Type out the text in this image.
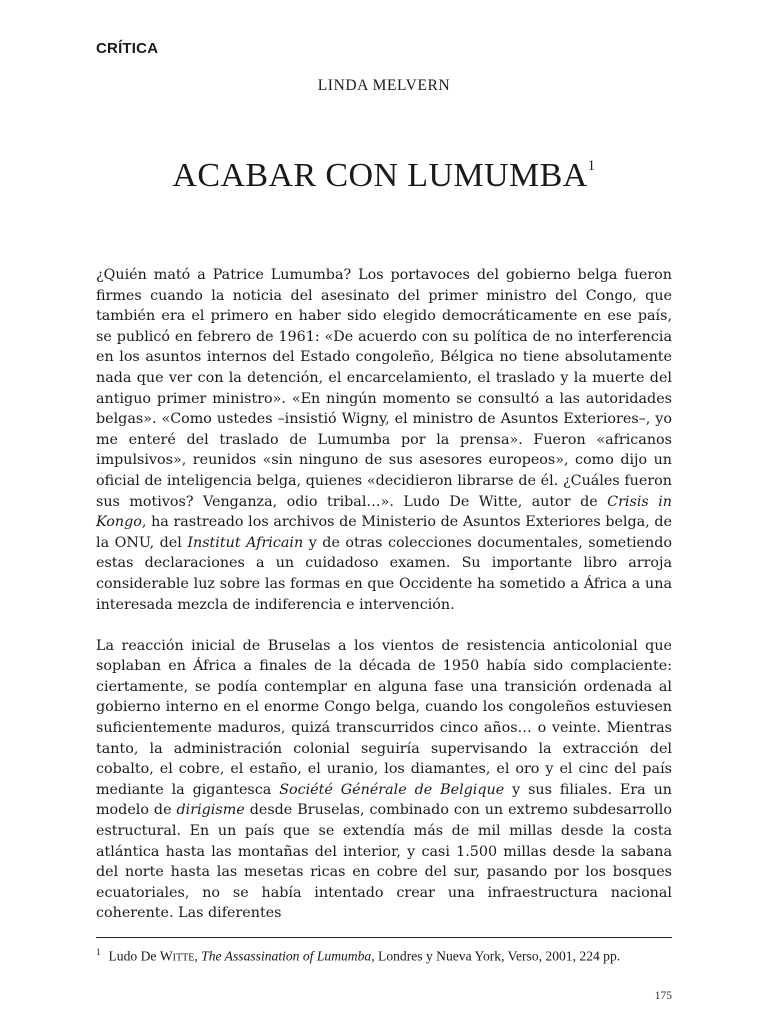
CRÍTICA
LINDA MELVERN
ACABAR CON LUMUMBA$^1$

¿Quién mató a Patrice Lumumba? Los portavoces del gobierno belga fueron firmes cuando la noticia del asesinato del primer ministro del Congo, que también era el primero en haber sido elegido democráticamente en ese país, se publicó en febrero de 1961: «De acuerdo con su política de no interferencia en los asuntos internos del Estado congoleño, Bélgica no tiene absolutamente nada que ver con la detención, el encarcelamiento, el traslado y la muerte del antiguo primer ministro». «En ningún momento se consultó a las autoridades belgas». «Como ustedes –insistió Wigny, el ministro de Asuntos Exteriores–, yo me enteré del traslado de Lumumba por la prensa». Fueron «africanos impulsivos», reunidos «sin ninguno de sus asesores europeos», como dijo un oficial de inteligencia belga, quienes «decidieron librarse de él. ¿Cuáles fueron sus motivos? Venganza, odio tribal…». Ludo De Witte, autor de Crisis in Kongo, ha rastreado los archivos de Ministerio de Asuntos Exteriores belga, de la ONU, del Institut Africain y de otras colecciones documentales, sometiendo estas declaraciones a un cuidadoso examen. Su importante libro arroja considerable luz sobre las formas en que Occidente ha sometido a África a una interesada mezcla de indiferencia e intervención.

La reacción inicial de Bruselas a los vientos de resistencia anticolonial que soplaban en África a finales de la década de 1950 había sido complaciente: ciertamente, se podía contemplar en alguna fase una transición ordenada al gobierno interno en el enorme Congo belga, cuando los congoleños estuviesen suficientemente maduros, quizá transcurridos cinco años… o veinte. Mientras tanto, la administración colonial seguiría supervisando la extracción del cobalto, el cobre, el estaño, el uranio, los diamantes, el oro y el cinc del país mediante la gigantesca Société Générale de Belgique y sus filiales. Era un modelo de dirigisme desde Bruselas, combinado con un extremo subdesarrollo estructural. En un país que se extendía más de mil millas desde la costa atlántica hasta las montañas del interior, y casi 1.500 millas desde la sabana del norte hasta las mesetas ricas en cobre del sur, pasando por los bosques ecuatoriales, no se había intentado crear una infraestructura nacional coherente. Las diferentes

$^1$ Ludo De Witte, The Assassination of Lumumba, Londres y Nueva York, Verso, 2001, 224 pp.
175
